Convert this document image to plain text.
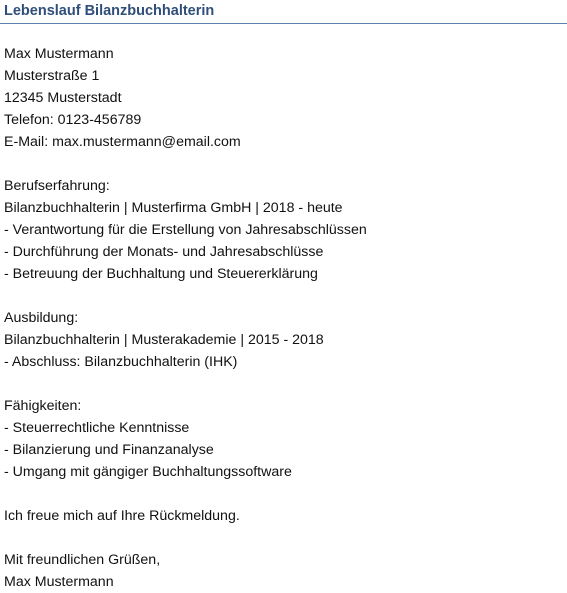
Lebenslauf Bilanzbuchhalterin
Max Mustermann
Musterstraße 1
12345 Musterstadt
Telefon: 0123-456789
E-Mail: max.mustermann@email.com
Berufserfahrung:
Bilanzbuchhalterin | Musterfirma GmbH | 2018 - heute
- Verantwortung für die Erstellung von Jahresabschlüssen
- Durchführung der Monats- und Jahresabschlüsse
- Betreuung der Buchhaltung und Steuererklärung
Ausbildung:
Bilanzbuchhalterin | Musterakademie | 2015 - 2018
- Abschluss: Bilanzbuchhalterin (IHK)
Fähigkeiten:
- Steuerrechtliche Kenntnisse
- Bilanzierung und Finanzanalyse
- Umgang mit gängiger Buchhaltungssoftware
Ich freue mich auf Ihre Rückmeldung.
Mit freundlichen Grüßen,
Max Mustermann
